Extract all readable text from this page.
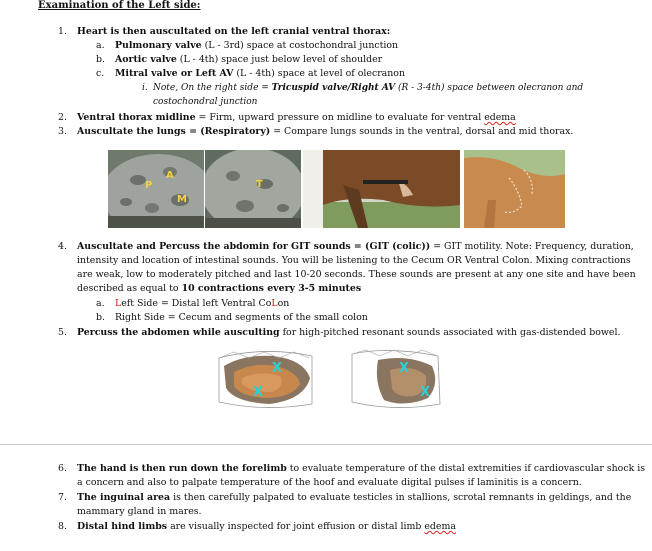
Examination of the Left side:
1. Heart is then auscultated on the left cranial ventral thorax:
a. Pulmonary valve (L - 3rd) space at costochondral junction
b. Aortic valve (L - 4th) space just below level of shoulder
c. Mitral valve or Left AV (L - 4th) space at level of olecranon
i. Note, On the right side = Tricuspid valve/Right AV (R - 3-4th) space between olecranon and
costochondral junction
2. Ventral thorax midline = Firm, upward pressure on midline to evaluate for ventral edema
3. Auscultate the lungs = (Respiratory) = Compare lungs sounds in the ventral, dorsal and mid thorax.
P
A
M
T
4. Auscultate and Percuss the abdomin for GIT sounds = (GIT (colic)) = GIT motility. Note: Frequency, duration,
intensity and location of intestinal sounds. You will be listening to the Cecum OR Ventral Colon. Mixing contractions
are weak, low to moderately pitched and last 10-20 seconds. These sounds are present at any one site and have been
described as equal to 10 contractions every 3-5 minutes
a. Left Side = Distal left Ventral CoLon
b. Right Side = Cecum and segments of the small colon
5. Percuss the abdomen while ausculting for high-pitched resonant sounds associated with gas-distended bowel.
X
X
X
X
6. The hand is then run down the forelimb to evaluate temperature of the distal extremities if cardiovascular shock is
a concern and also to palpate temperature of the hoof and evaluate digital pulses if laminitis is a concern.
7. The inguinal area is then carefully palpated to evaluate testicles in stallions, scrotal remnants in geldings, and the
mammary gland in mares.
8. Distal hind limbs are visually inspected for joint effusion or distal limb edema
